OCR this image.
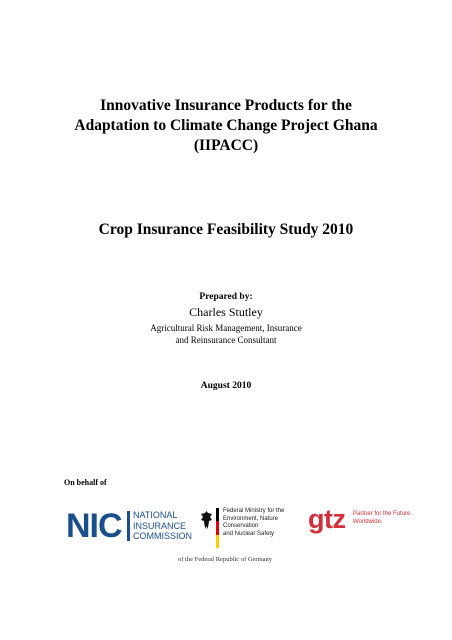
Innovative Insurance Products for the
Adaptation to Climate Change Project Ghana
(IIPACC)
Crop Insurance Feasibility Study 2010
Prepared by:
Charles Stutley
Agricultural Risk Management, Insurance
and Reinsurance Consultant
August 2010
On behalf of
NIC NATIONAL
INSURANCE
COMMISSION
Federal Ministry for the
Environment, Nature Conservation
and Nuclear Safety
of the Federal Republic of Germany
gtz Partner for the Future.
Worldwide.
